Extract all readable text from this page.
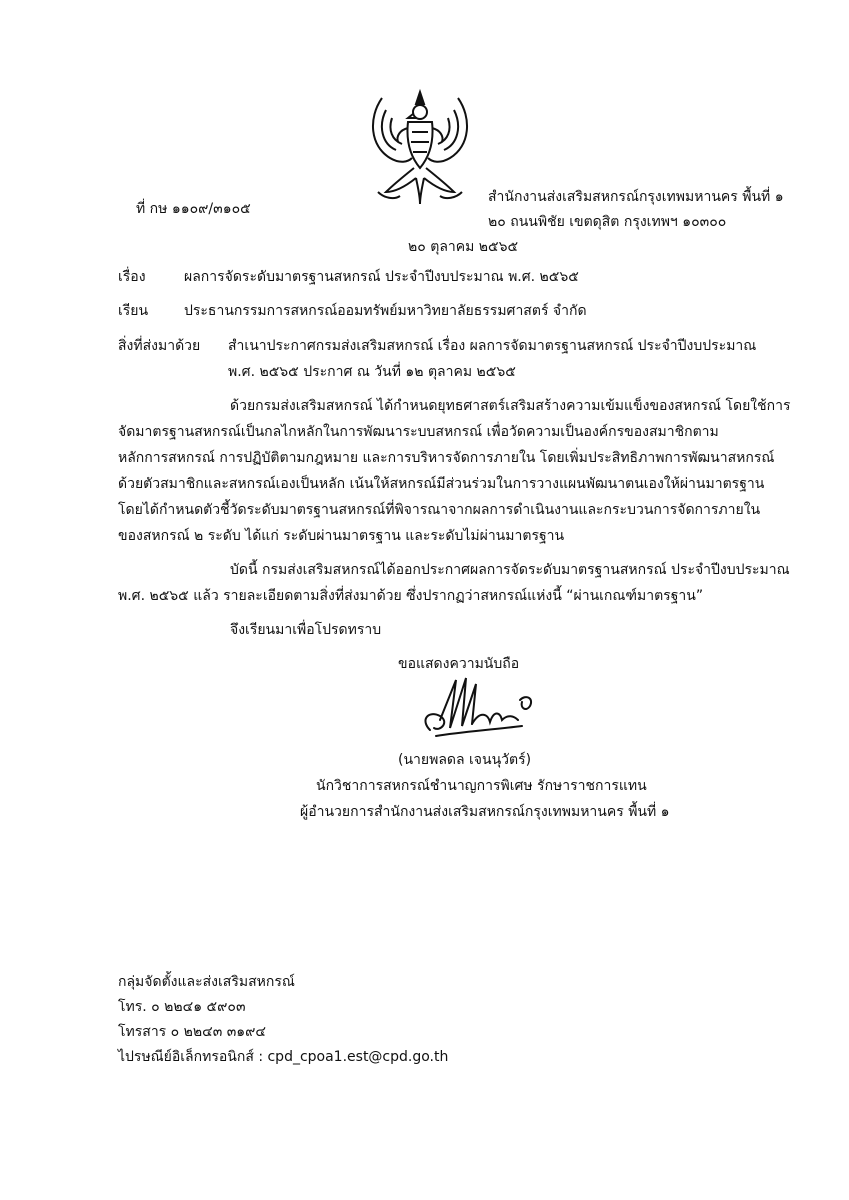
ที่ กษ ๑๑๐๙/๓๑๐๕
สำนักงานส่งเสริมสหกรณ์กรุงเทพมหานคร พื้นที่ ๑
๒๐ ถนนพิชัย เขตดุสิต กรุงเทพฯ ๑๐๓๐๐
๒๐ ตุลาคม ๒๕๖๕
เรื่อง	ผลการจัดระดับมาตรฐานสหกรณ์ ประจำปีงบประมาณ พ.ศ. ๒๕๖๕
เรียน	ประธานกรรมการสหกรณ์ออมทรัพย์มหาวิทยาลัยธรรมศาสตร์ จำกัด
สิ่งที่ส่งมาด้วย สำเนาประกาศกรมส่งเสริมสหกรณ์ เรื่อง ผลการจัดมาตรฐานสหกรณ์ ประจำปีงบประมาณ
พ.ศ. ๒๕๖๕ ประกาศ ณ วันที่ ๑๒ ตุลาคม ๒๕๖๕
ด้วยกรมส่งเสริมสหกรณ์ ได้กำหนดยุทธศาสตร์เสริมสร้างความเข้มแข็งของสหกรณ์ โดยใช้การ
จัดมาตรฐานสหกรณ์เป็นกลไกหลักในการพัฒนาระบบสหกรณ์ เพื่อวัดความเป็นองค์กรของสมาชิกตาม
หลักการสหกรณ์ การปฏิบัติตามกฎหมาย และการบริหารจัดการภายใน โดยเพิ่มประสิทธิภาพการพัฒนาสหกรณ์
ด้วยตัวสมาชิกและสหกรณ์เองเป็นหลัก เน้นให้สหกรณ์มีส่วนร่วมในการวางแผนพัฒนาตนเองให้ผ่านมาตรฐาน
โดยได้กำหนดตัวชี้วัดระดับมาตรฐานสหกรณ์ที่พิจารณาจากผลการดำเนินงานและกระบวนการจัดการภายใน
ของสหกรณ์ ๒ ระดับ ได้แก่ ระดับผ่านมาตรฐาน และระดับไม่ผ่านมาตรฐาน
บัดนี้ กรมส่งเสริมสหกรณ์ได้ออกประกาศผลการจัดระดับมาตรฐานสหกรณ์ ประจำปีงบประมาณ
พ.ศ. ๒๕๖๕ แล้ว รายละเอียดตามสิ่งที่ส่งมาด้วย ซึ่งปรากฏว่าสหกรณ์แห่งนี้ “ผ่านเกณฑ์มาตรฐาน”
จึงเรียนมาเพื่อโปรดทราบ
ขอแสดงความนับถือ
(นายพลดล เจนนุวัตร์)
นักวิชาการสหกรณ์ชำนาญการพิเศษ รักษาราชการแทน
ผู้อำนวยการสำนักงานส่งเสริมสหกรณ์กรุงเทพมหานคร พื้นที่ ๑
กลุ่มจัดตั้งและส่งเสริมสหกรณ์
โทร. ๐ ๒๒๔๑ ๕๙๐๓
โทรสาร ๐ ๒๒๔๓ ๓๑๙๔
ไปรษณีย์อิเล็กทรอนิกส์ : cpd_cpoa1.est@cpd.go.th
